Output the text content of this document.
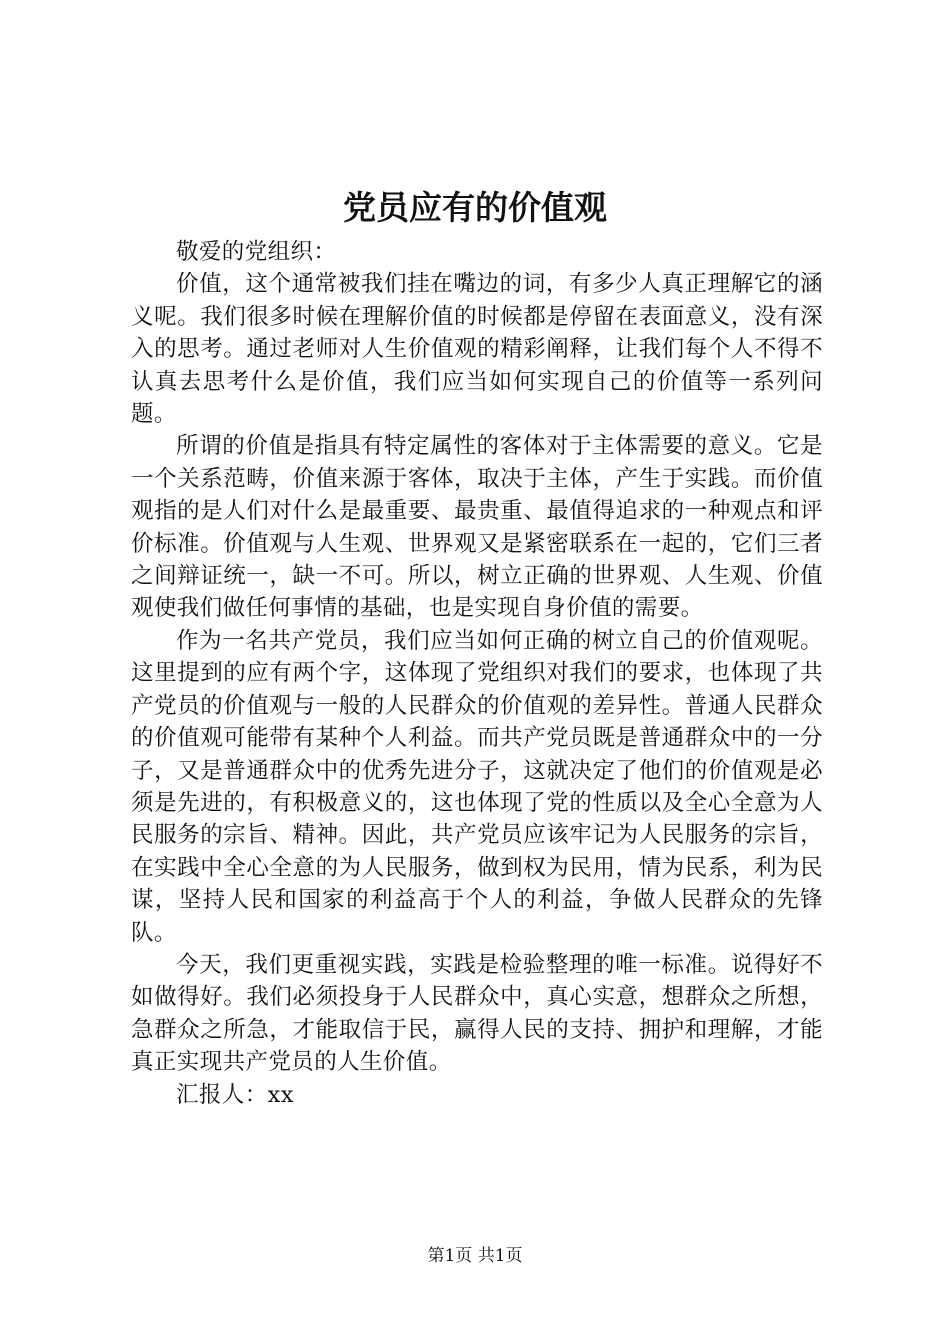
党员应有的价值观

敬爱的党组织：

价值，这个通常被我们挂在嘴边的词，有多少人真正理解它的涵义呢。我们很多时候在理解价值的时候都是停留在表面意义，没有深入的思考。通过老师对人生价值观的精彩阐释，让我们每个人不得不认真去思考什么是价值，我们应当如何实现自己的价值等一系列问题。

所谓的价值是指具有特定属性的客体对于主体需要的意义。它是一个关系范畴，价值来源于客体，取决于主体，产生于实践。而价值观指的是人们对什么是最重要、最贵重、最值得追求的一种观点和评价标准。价值观与人生观、世界观又是紧密联系在一起的，它们三者之间辩证统一，缺一不可。所以，树立正确的世界观、人生观、价值观使我们做任何事情的基础，也是实现自身价值的需要。

作为一名共产党员，我们应当如何正确的树立自己的价值观呢。这里提到的应有两个字，这体现了党组织对我们的要求，也体现了共产党员的价值观与一般的人民群众的价值观的差异性。普通人民群众的价值观可能带有某种个人利益。而共产党员既是普通群众中的一分子，又是普通群众中的优秀先进分子，这就决定了他们的价值观是必须是先进的，有积极意义的，这也体现了党的性质以及全心全意为人民服务的宗旨、精神。因此，共产党员应该牢记为人民服务的宗旨，在实践中全心全意的为人民服务，做到权为民用，情为民系，利为民谋，坚持人民和国家的利益高于个人的利益，争做人民群众的先锋队。

今天，我们更重视实践，实践是检验整理的唯一标准。说得好不如做得好。我们必须投身于人民群众中，真心实意，想群众之所想，急群众之所急，才能取信于民，赢得人民的支持、拥护和理解，才能真正实现共产党员的人生价值。

汇报人：xx

第1页 共1页
